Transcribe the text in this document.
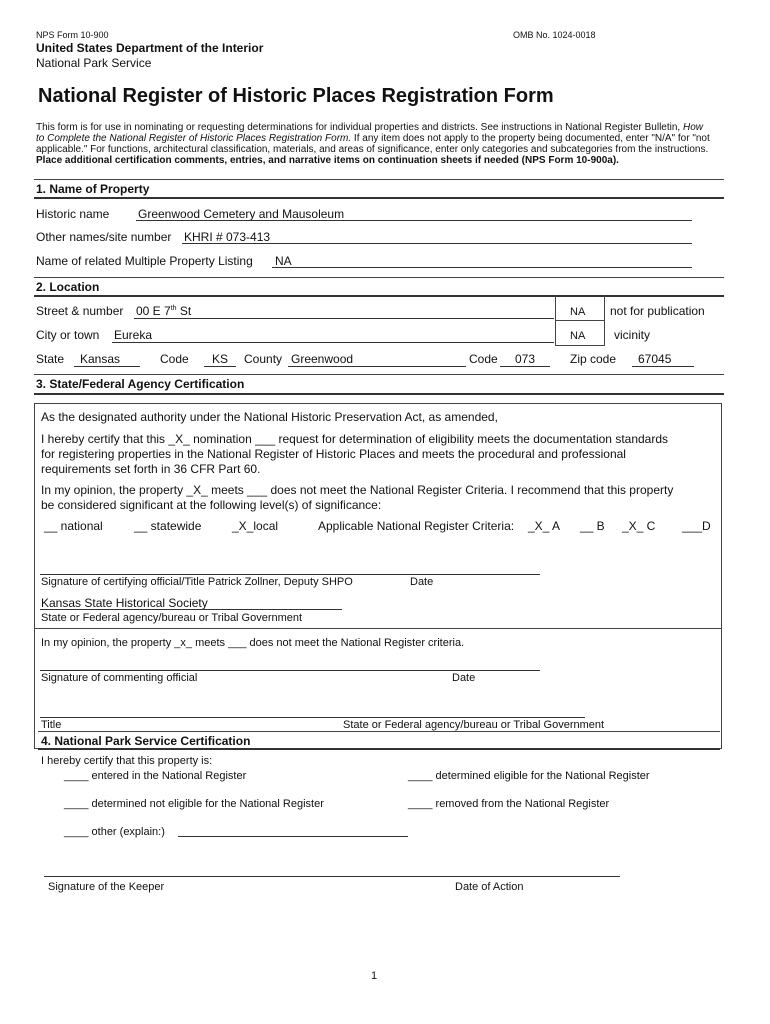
NPS Form 10-900	OMB No. 1024-0018
United States Department of the Interior
National Park Service
National Register of Historic Places Registration Form
This form is for use in nominating or requesting determinations for individual properties and districts. See instructions in National Register Bulletin, How
to Complete the National Register of Historic Places Registration Form. If any item does not apply to the property being documented, enter "N/A" for "not
applicable." For functions, architectural classification, materials, and areas of significance, enter only categories and subcategories from the instructions.
Place additional certification comments, entries, and narrative items on continuation sheets if needed (NPS Form 10-900a).
1. Name of Property
Historic name Greenwood Cemetery and Mausoleum
Other names/site number KHRI # 073-413
Name of related Multiple Property Listing NA
2. Location
Street & number 00 E 7th St	NA not for publication
City or town Eureka	NA vicinity
State Kansas	Code KS County Greenwood	Code 073	Zip code 67045
3. State/Federal Agency Certification
As the designated authority under the National Historic Preservation Act, as amended,
I hereby certify that this _X_ nomination ___ request for determination of eligibility meets the documentation standards
for registering properties in the National Register of Historic Places and meets the procedural and professional
requirements set forth in 36 CFR Part 60.
In my opinion, the property _X_ meets ___ does not meet the National Register Criteria. I recommend that this property
be considered significant at the following level(s) of significance:
__ national	__ statewide	_X_local	Applicable National Register Criteria: _X_ A __ B _X_ C ___D
Signature of certifying official/Title Patrick Zollner, Deputy SHPO	Date
Kansas State Historical Society
State or Federal agency/bureau or Tribal Government
In my opinion, the property _x_ meets ___ does not meet the National Register criteria.
Signature of commenting official	Date
Title	State or Federal agency/bureau or Tribal Government
4. National Park Service Certification
I hereby certify that this property is:
____ entered in the National Register	____ determined eligible for the National Register
____ determined not eligible for the National Register	____ removed from the National Register
____ other (explain:)
Signature of the Keeper	Date of Action
1
